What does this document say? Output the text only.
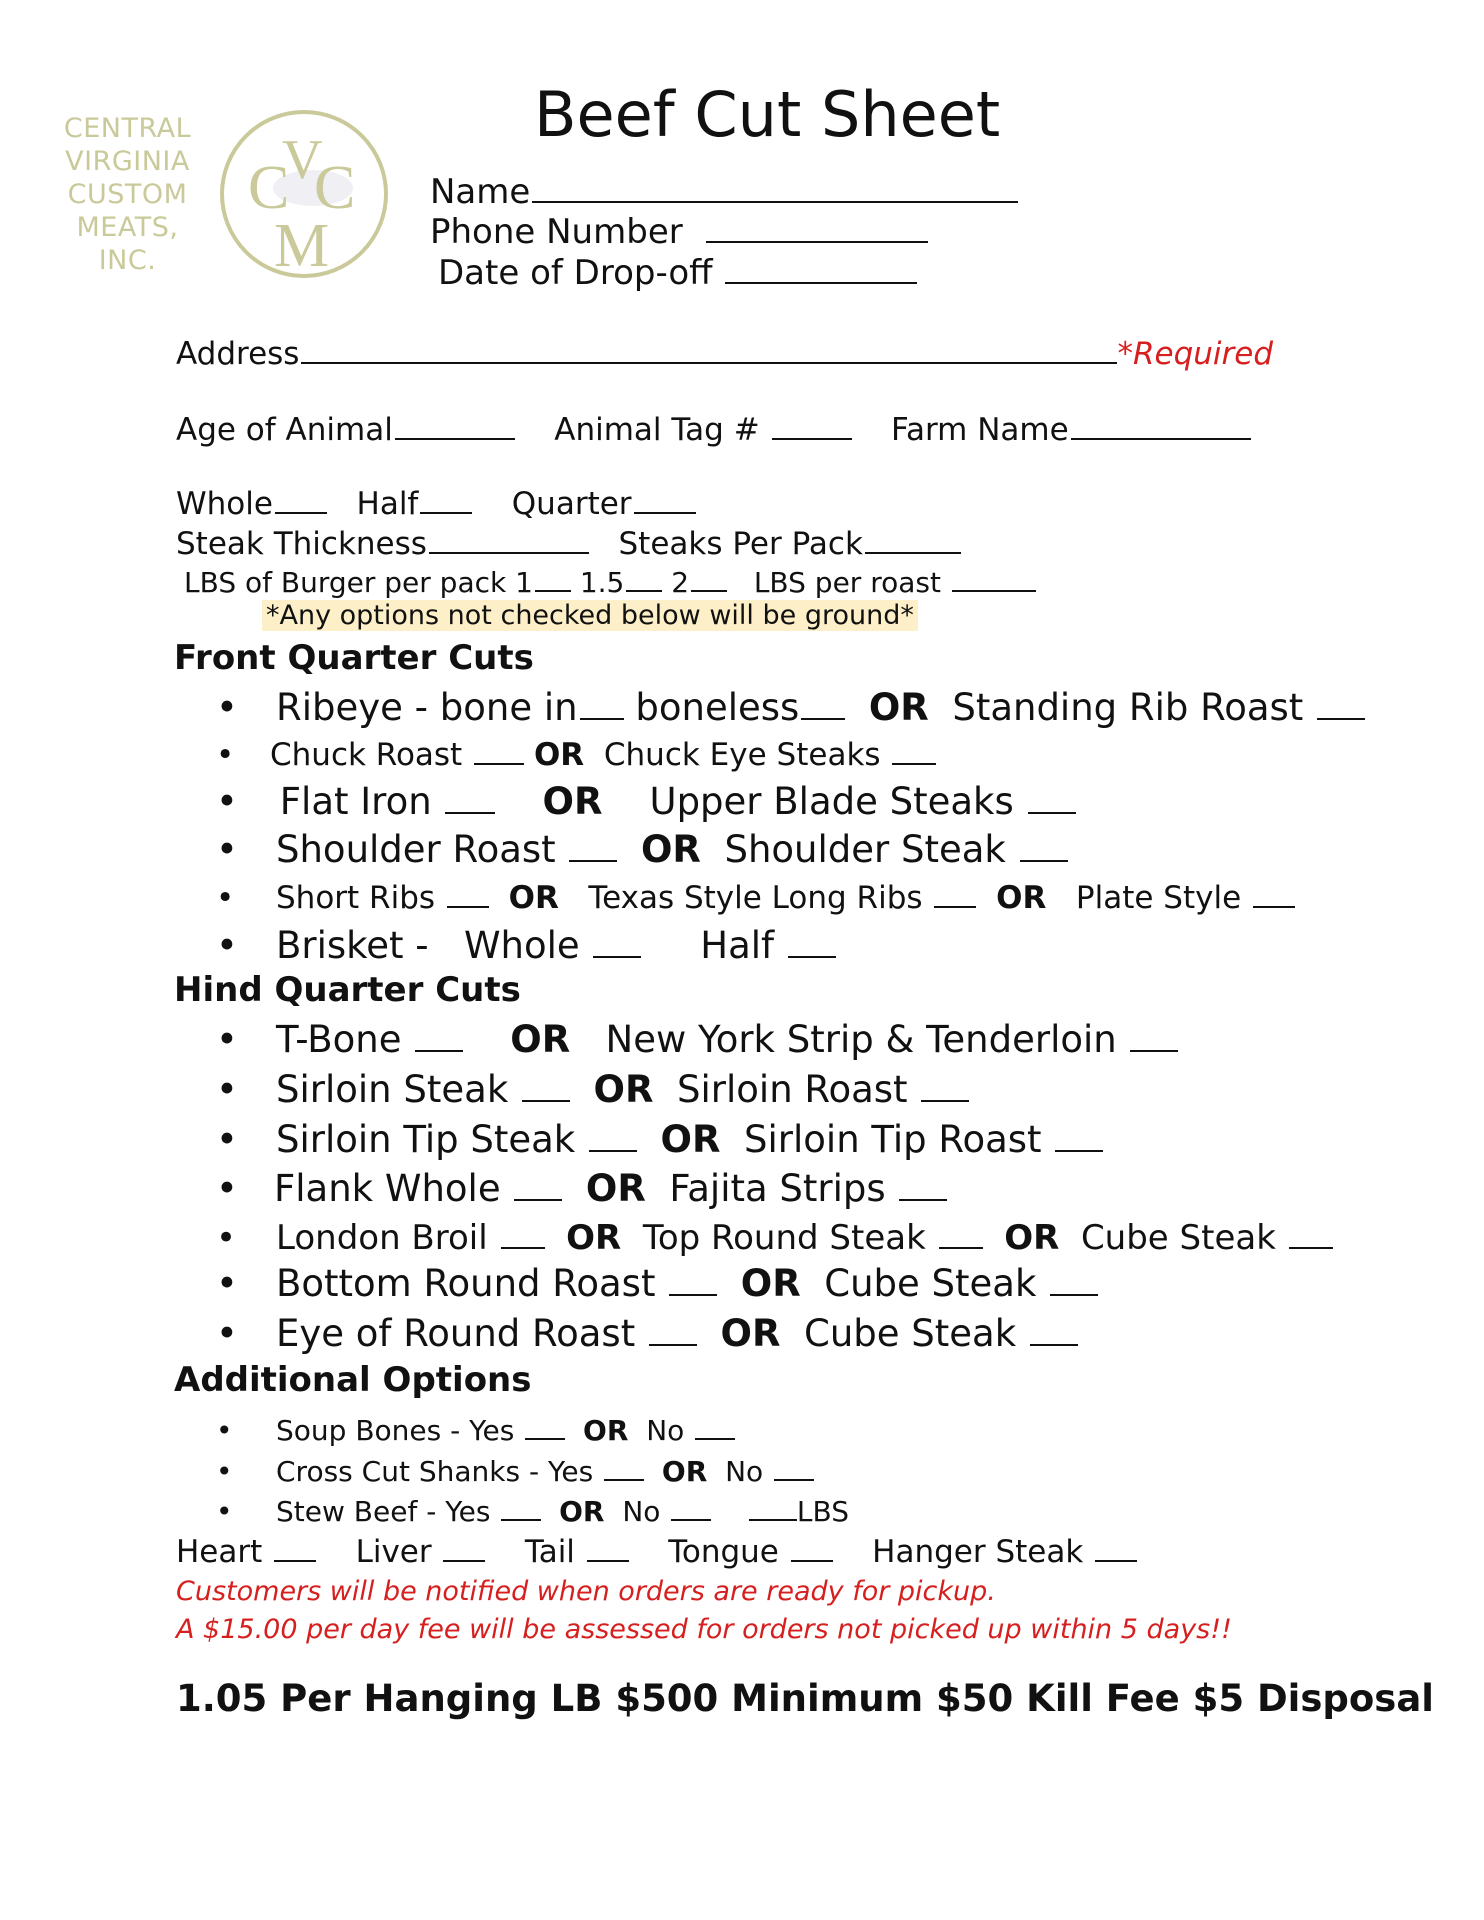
CENTRAL
VIRGINIA
CUSTOM
MEATS,
INC.
C
V
C
M
Beef Cut Sheet
Name
Phone Number
Date of Drop-off
Address	*Required
Age of Animal	Animal Tag #	Farm Name
Whole	Half	Quarter
Steak Thickness	Steaks Per Pack
LBS of Burger per pack 1 1.5 2 LBS per roast
*Any options not checked below will be ground*
Front Quarter Cuts
• Ribeye - bone in boneless OR Standing Rib Roast
• Chuck Roast OR Chuck Eye Steaks
• Flat Iron	OR Upper Blade Steaks
• Shoulder Roast OR Shoulder Steak
• Short Ribs OR Texas Style Long Ribs OR Plate Style
• Brisket - Whole	Half
Hind Quarter Cuts
• T-Bone	OR New York Strip & Tenderloin
• Sirloin Steak OR Sirloin Roast
• Sirloin Tip Steak OR Sirloin Tip Roast
• Flank Whole OR Fajita Strips
• London Broil OR Top Round Steak OR Cube Steak
• Bottom Round Roast OR Cube Steak
• Eye of Round Roast OR Cube Steak
Additional Options
• Soup Bones - Yes OR No
• Cross Cut Shanks - Yes OR No
• Stew Beef - Yes OR No	LBS
Heart	Liver	Tail	Tongue	Hanger Steak
Customers will be notified when orders are ready for pickup.
A $15.00 per day fee will be assessed for orders not picked up within 5 days!!
1.05 Per Hanging LB $500 Minimum $50 Kill Fee $5 Disposal
